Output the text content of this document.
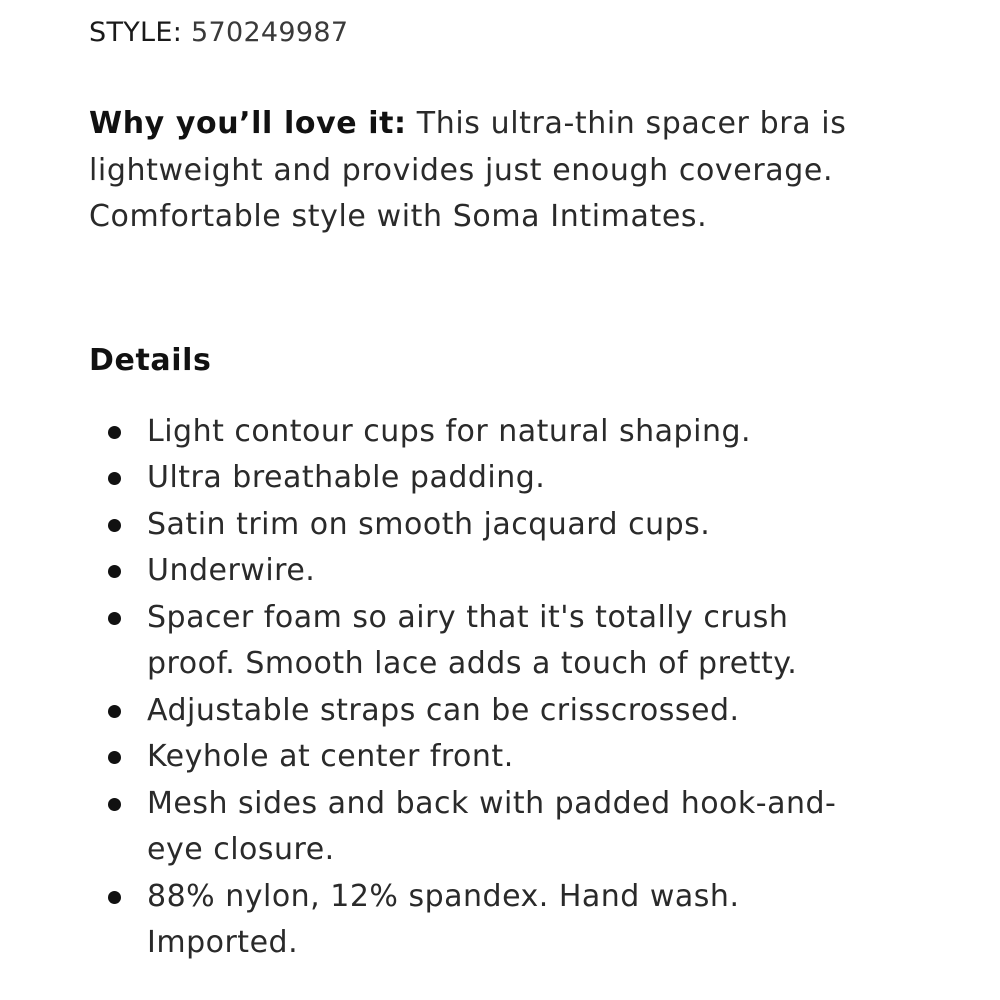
STYLE: 570249987

Why you’ll love it: This ultra-thin spacer bra is lightweight and provides just enough coverage. Comfortable style with Soma Intimates.

Details
Light contour cups for natural shaping.
Ultra breathable padding.
Satin trim on smooth jacquard cups.
Underwire.
Spacer foam so airy that it's totally crush proof. Smooth lace adds a touch of pretty.
Adjustable straps can be crisscrossed.
Keyhole at center front.
Mesh sides and back with padded hook-and-eye closure.
88% nylon, 12% spandex. Hand wash. Imported.
